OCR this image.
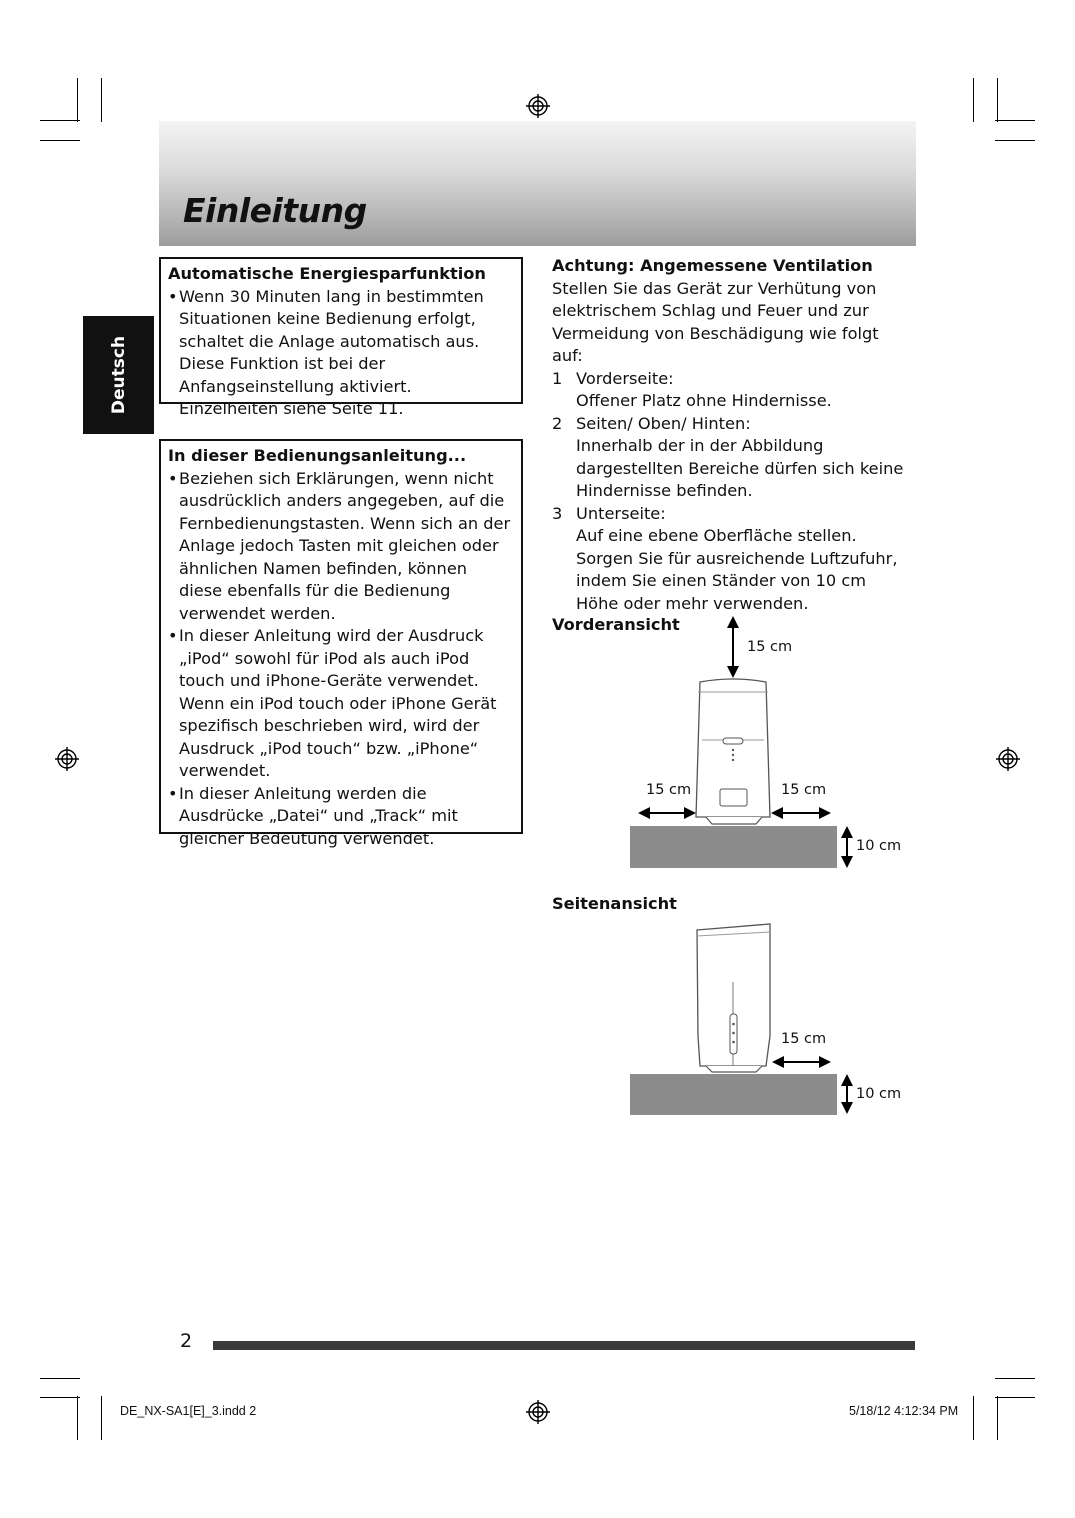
Einleitung
Deutsch
Automatische Energiesparfunktion
• Wenn 30 Minuten lang in bestimmten Situationen keine Bedienung erfolgt, schaltet die Anlage automatisch aus. Diese Funktion ist bei der Anfangseinstellung aktiviert. Einzelheiten siehe Seite 11.
In dieser Bedienungsanleitung...
• Beziehen sich Erklärungen, wenn nicht ausdrücklich anders angegeben, auf die Fernbedienungstasten. Wenn sich an der Anlage jedoch Tasten mit gleichen oder ähnlichen Namen befinden, können diese ebenfalls für die Bedienung verwendet werden.
• In dieser Anleitung wird der Ausdruck „iPod“ sowohl für iPod als auch iPod touch und iPhone-Geräte verwendet. Wenn ein iPod touch oder iPhone Gerät spezifisch beschrieben wird, wird der Ausdruck „iPod touch“ bzw. „iPhone“ verwendet.
• In dieser Anleitung werden die Ausdrücke „Datei“ und „Track“ mit gleicher Bedeutung verwendet.
Achtung: Angemessene Ventilation

Stellen Sie das Gerät zur Verhütung von elektrischem Schlag und Feuer und zur Vermeidung von Beschädigung wie folgt auf:

1 Vorderseite:
Offener Platz ohne Hindernisse.
2 Seiten/ Oben/ Hinten:
Innerhalb der in der Abbildung dargestellten Bereiche dürfen sich keine Hindernisse befinden.
3 Unterseite:
Auf eine ebene Oberfläche stellen. Sorgen Sie für ausreichende Luftzufuhr, indem Sie einen Ständer von 10 cm Höhe oder mehr verwenden.
Vorderansicht
15 cm
15 cm	15 cm
10 cm
Seitenansicht
15 cm
10 cm
2
DE_NX-SA1[E]_3.indd 2	5/18/12 4:12:34 PM
